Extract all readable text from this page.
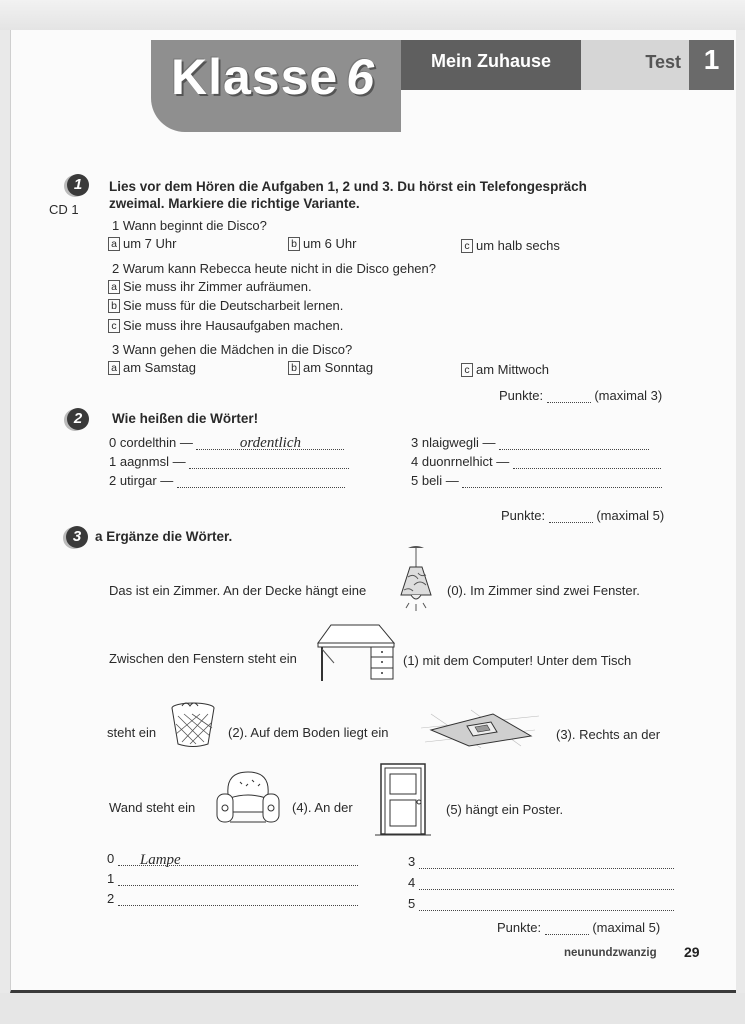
Klasse 6	Mein Zuhause	Test 1
1
CD 1
Lies vor dem Hören die Aufgaben 1, 2 und 3. Du hörst ein Telefongespräch
zweimal. Markiere die richtige Variante.
1 Wann beginnt die Disco?
a um 7 Uhr	b um 6 Uhr	c um halb sechs
2 Warum kann Rebecca heute nicht in die Disco gehen?
a Sie muss ihr Zimmer aufräumen.
b Sie muss für die Deutscharbeit lernen.
c Sie muss ihre Hausaufgaben machen.
3 Wann gehen die Mädchen in die Disco?
a am Samstag	b am Sonntag	c am Mittwoch
Punkte:	(maximal 3)
2	Wie heißen die Wörter!
0 cordelthin —	ordentlich
1 aagnmsl —
2 utirgar —
3 nlaigwegli —
4 duonrnelhict —
5 beli —
Punkte:	(maximal 5)
3	a Ergänze die Wörter.
Das ist ein Zimmer. An der Decke hängt eine	(0). Im Zimmer sind zwei Fenster.
Zwischen den Fenstern steht ein	(1) mit dem Computer! Unter dem Tisch
steht ein	(2). Auf dem Boden liegt ein	(3). Rechts an der
Wand steht ein	(4). An der	(5) hängt ein Poster.
0 Lampe
1
2
3
4
5
Punkte:	(maximal 5)
neunundzwanzig 29
